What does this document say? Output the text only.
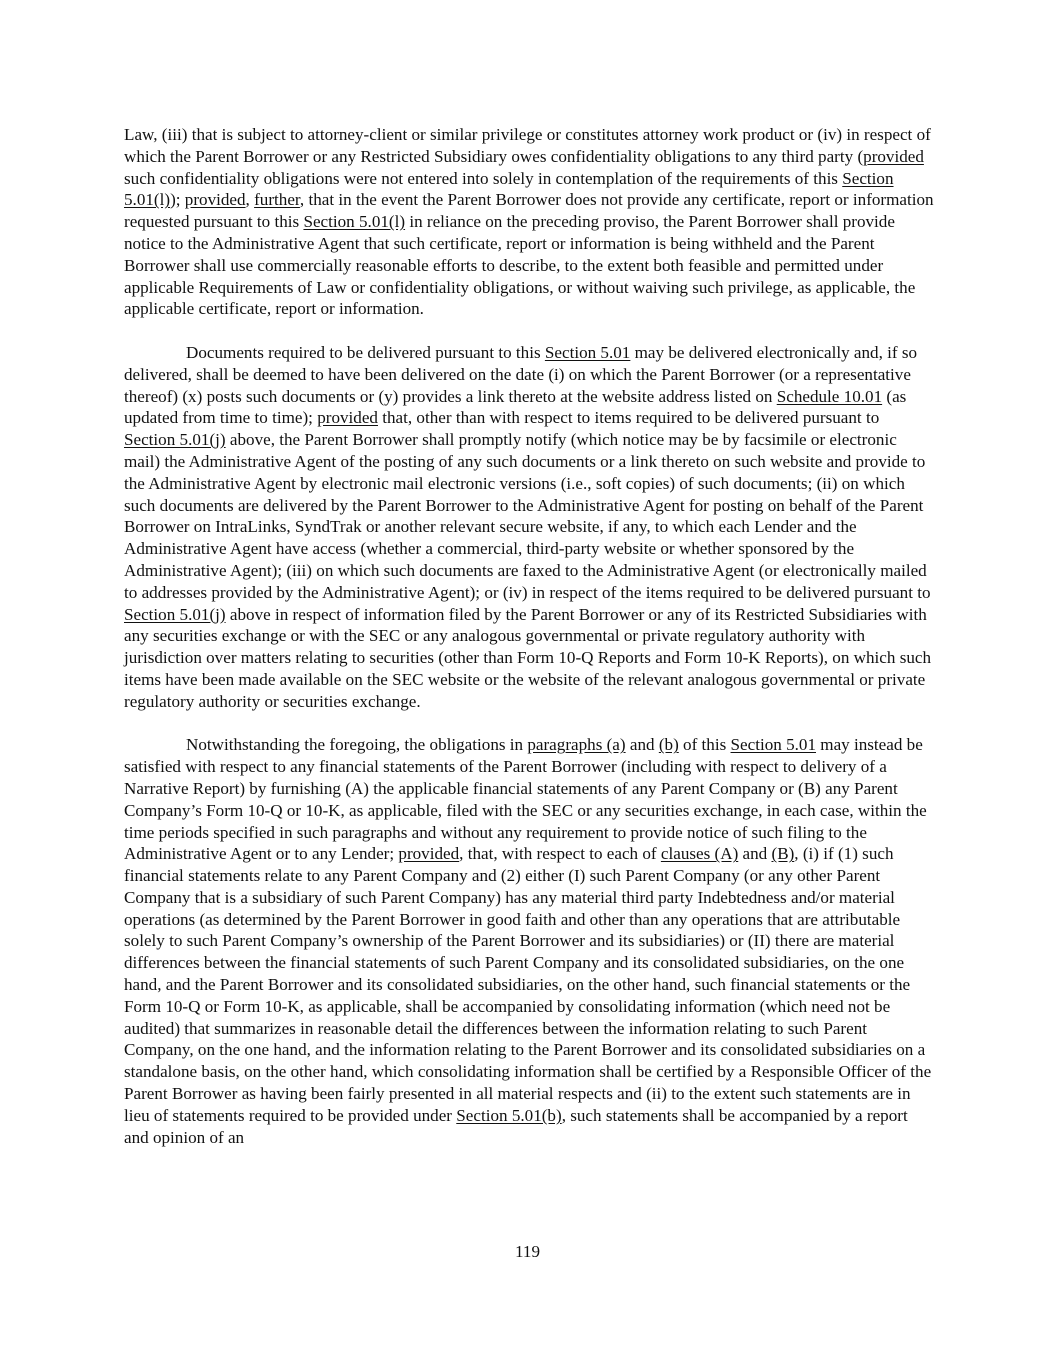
Law, (iii) that is subject to attorney-client or similar privilege or constitutes attorney work product or (iv) in respect of which the Parent Borrower or any Restricted Subsidiary owes confidentiality obligations to any third party (provided such confidentiality obligations were not entered into solely in contemplation of the requirements of this Section 5.01(l)); provided, further, that in the event the Parent Borrower does not provide any certificate, report or information requested pursuant to this Section 5.01(l) in reliance on the preceding proviso, the Parent Borrower shall provide notice to the Administrative Agent that such certificate, report or information is being withheld and the Parent Borrower shall use commercially reasonable efforts to describe, to the extent both feasible and permitted under applicable Requirements of Law or confidentiality obligations, or without waiving such privilege, as applicable, the applicable certificate, report or information.

Documents required to be delivered pursuant to this Section 5.01 may be delivered electronically and, if so delivered, shall be deemed to have been delivered on the date (i) on which the Parent Borrower (or a representative thereof) (x) posts such documents or (y) provides a link thereto at the website address listed on Schedule 10.01 (as updated from time to time); provided that, other than with respect to items required to be delivered pursuant to Section 5.01(j) above, the Parent Borrower shall promptly notify (which notice may be by facsimile or electronic mail) the Administrative Agent of the posting of any such documents or a link thereto on such website and provide to the Administrative Agent by electronic mail electronic versions (i.e., soft copies) of such documents; (ii) on which such documents are delivered by the Parent Borrower to the Administrative Agent for posting on behalf of the Parent Borrower on IntraLinks, SyndTrak or another relevant secure website, if any, to which each Lender and the Administrative Agent have access (whether a commercial, third-party website or whether sponsored by the Administrative Agent); (iii) on which such documents are faxed to the Administrative Agent (or electronically mailed to addresses provided by the Administrative Agent); or (iv) in respect of the items required to be delivered pursuant to Section 5.01(j) above in respect of information filed by the Parent Borrower or any of its Restricted Subsidiaries with any securities exchange or with the SEC or any analogous governmental or private regulatory authority with jurisdiction over matters relating to securities (other than Form 10-Q Reports and Form 10-K Reports), on which such items have been made available on the SEC website or the website of the relevant analogous governmental or private regulatory authority or securities exchange.

Notwithstanding the foregoing, the obligations in paragraphs (a) and (b) of this Section 5.01 may instead be satisfied with respect to any financial statements of the Parent Borrower (including with respect to delivery of a Narrative Report) by furnishing (A) the applicable financial statements of any Parent Company or (B) any Parent Company’s Form 10-Q or 10-K, as applicable, filed with the SEC or any securities exchange, in each case, within the time periods specified in such paragraphs and without any requirement to provide notice of such filing to the Administrative Agent or to any Lender; provided, that, with respect to each of clauses (A) and (B), (i) if (1) such financial statements relate to any Parent Company and (2) either (I) such Parent Company (or any other Parent Company that is a subsidiary of such Parent Company) has any material third party Indebtedness and/or material operations (as determined by the Parent Borrower in good faith and other than any operations that are attributable solely to such Parent Company’s ownership of the Parent Borrower and its subsidiaries) or (II) there are material differences between the financial statements of such Parent Company and its consolidated subsidiaries, on the one hand, and the Parent Borrower and its consolidated subsidiaries, on the other hand, such financial statements or the Form 10-Q or Form 10-K, as applicable, shall be accompanied by consolidating information (which need not be audited) that summarizes in reasonable detail the differences between the information relating to such Parent Company, on the one hand, and the information relating to the Parent Borrower and its consolidated subsidiaries on a standalone basis, on the other hand, which consolidating information shall be certified by a Responsible Officer of the Parent Borrower as having been fairly presented in all material respects and (ii) to the extent such statements are in lieu of statements required to be provided under Section 5.01(b), such statements shall be accompanied by a report and opinion of an

119
